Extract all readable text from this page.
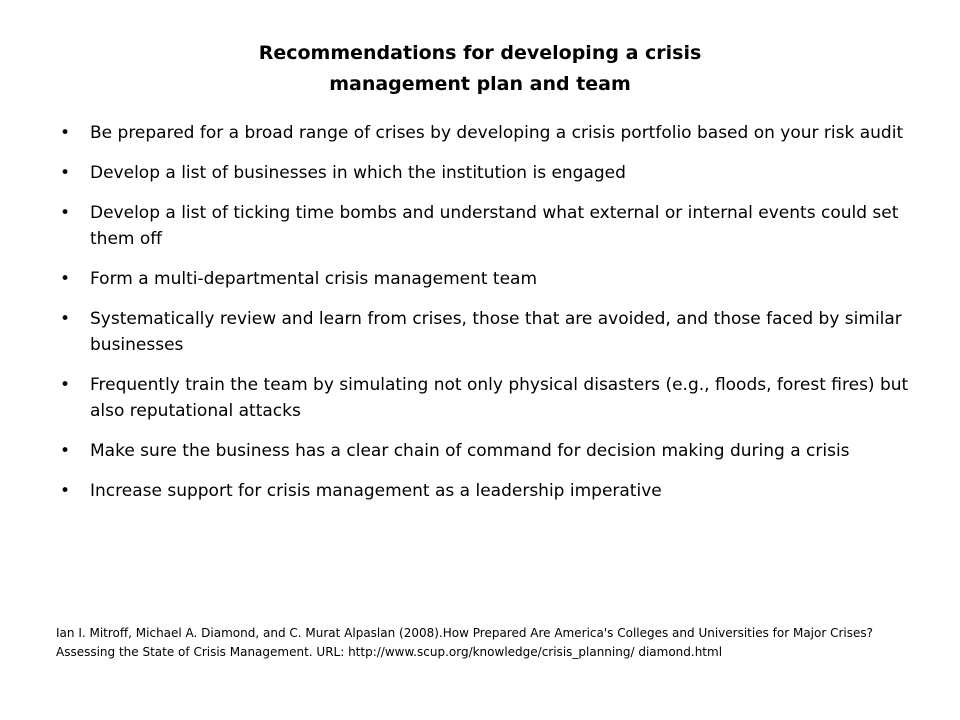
Recommendations for developing a crisis
management plan and team
• Be prepared for a broad range of crises by developing a crisis portfolio based on your risk audit
• Develop a list of businesses in which the institution is engaged
• Develop a list of ticking time bombs and understand what external or internal events could set them off
• Form a multi-departmental crisis management team
• Systematically review and learn from crises, those that are avoided, and those faced by similar businesses
• Frequently train the team by simulating not only physical disasters (e.g., floods, forest fires) but also reputational attacks
• Make sure the business has a clear chain of command for decision making during a crisis
• Increase support for crisis management as a leadership imperative
Ian I. Mitroff, Michael A. Diamond, and C. Murat Alpaslan (2008).How Prepared Are America's Colleges and Universities for Major Crises? Assessing the State of Crisis Management. URL: http://www.scup.org/knowledge/crisis_planning/ diamond.html
